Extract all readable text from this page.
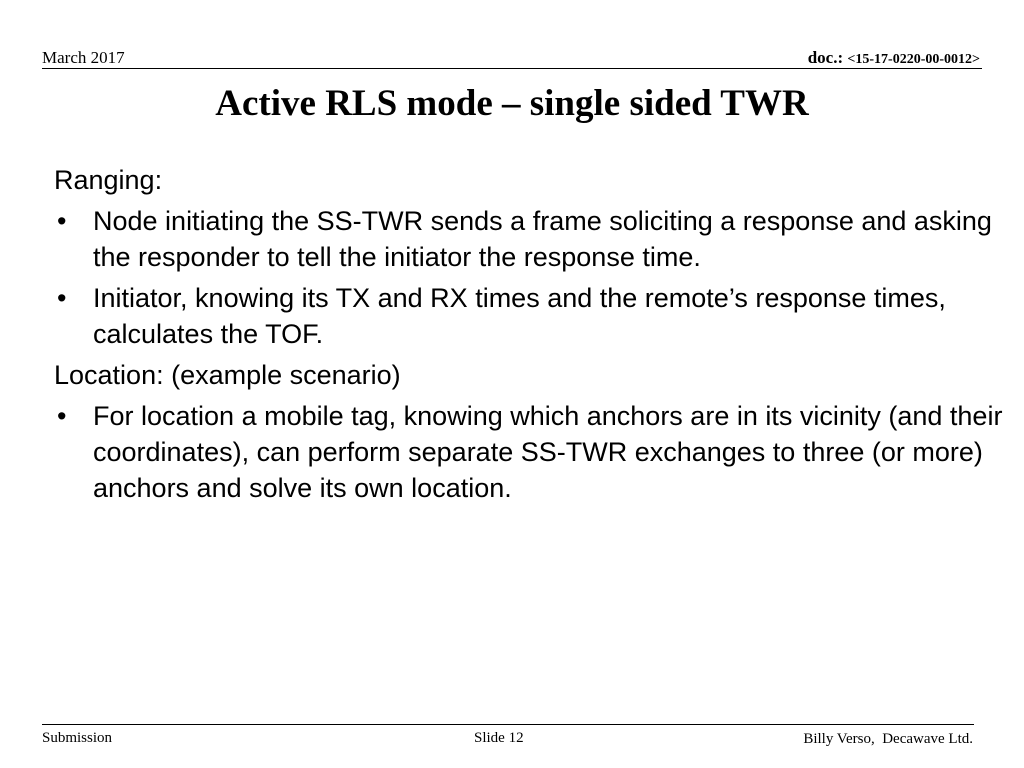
March 2017	doc.: <15-17-0220-00-0012>
Active RLS mode – single sided TWR
Ranging:
• Node initiating the SS-TWR sends a frame soliciting a response and asking the responder to tell the initiator the response time.
• Initiator, knowing its TX and RX times and the remote’s response times, calculates the TOF.
Location: (example scenario)
• For location a mobile tag, knowing which anchors are in its vicinity (and their coordinates), can perform separate SS-TWR exchanges to three (or more) anchors and solve its own location.
Submission	Slide 12	Billy Verso,  Decawave Ltd.
